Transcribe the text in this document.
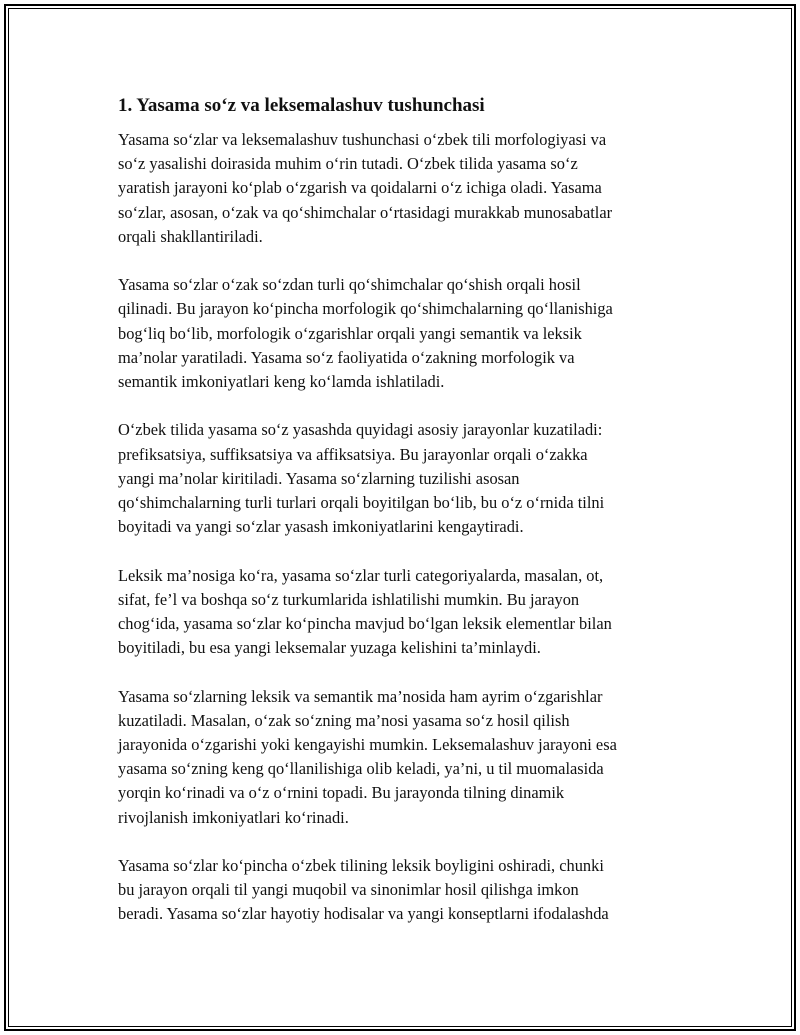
1. Yasama so‘z va leksemalashuv tushunchasi

Yasama so‘zlar va leksemalashuv tushunchasi o‘zbek tili morfologiyasi va
so‘z yasalishi doirasida muhim o‘rin tutadi. O‘zbek tilida yasama so‘z
yaratish jarayoni ko‘plab o‘zgarish va qoidalarni o‘z ichiga oladi. Yasama
so‘zlar, asosan, o‘zak va qo‘shimchalar o‘rtasidagi murakkab munosabatlar
orqali shakllantiriladi.

Yasama so‘zlar o‘zak so‘zdan turli qo‘shimchalar qo‘shish orqali hosil
qilinadi. Bu jarayon ko‘pincha morfologik qo‘shimchalarning qo‘llanishiga
bog‘liq bo‘lib, morfologik o‘zgarishlar orqali yangi semantik va leksik
ma’nolar yaratiladi. Yasama so‘z faoliyatida o‘zakning morfologik va
semantik imkoniyatlari keng ko‘lamda ishlatiladi.

O‘zbek tilida yasama so‘z yasashda quyidagi asosiy jarayonlar kuzatiladi:
prefiksatsiya, suffiksatsiya va affiksatsiya. Bu jarayonlar orqali o‘zakka
yangi ma’nolar kiritiladi. Yasama so‘zlarning tuzilishi asosan
qo‘shimchalarning turli turlari orqali boyitilgan bo‘lib, bu o‘z o‘rnida tilni
boyitadi va yangi so‘zlar yasash imkoniyatlarini kengaytiradi.

Leksik ma’nosiga ko‘ra, yasama so‘zlar turli categoriyalarda, masalan, ot,
sifat, fe’l va boshqa so‘z turkumlarida ishlatilishi mumkin. Bu jarayon
chog‘ida, yasama so‘zlar ko‘pincha mavjud bo‘lgan leksik elementlar bilan
boyitiladi, bu esa yangi leksemalar yuzaga kelishini ta’minlaydi.

Yasama so‘zlarning leksik va semantik ma’nosida ham ayrim o‘zgarishlar
kuzatiladi. Masalan, o‘zak so‘zning ma’nosi yasama so‘z hosil qilish
jarayonida o‘zgarishi yoki kengayishi mumkin. Leksemalashuv jarayoni esa
yasama so‘zning keng qo‘llanilishiga olib keladi, ya’ni, u til muomalasida
yorqin ko‘rinadi va o‘z o‘rnini topadi. Bu jarayonda tilning dinamik
rivojlanish imkoniyatlari ko‘rinadi.

Yasama so‘zlar ko‘pincha o‘zbek tilining leksik boyligini oshiradi, chunki
bu jarayon orqali til yangi muqobil va sinonimlar hosil qilishga imkon
beradi. Yasama so‘zlar hayotiy hodisalar va yangi konseptlarni ifodalashda
